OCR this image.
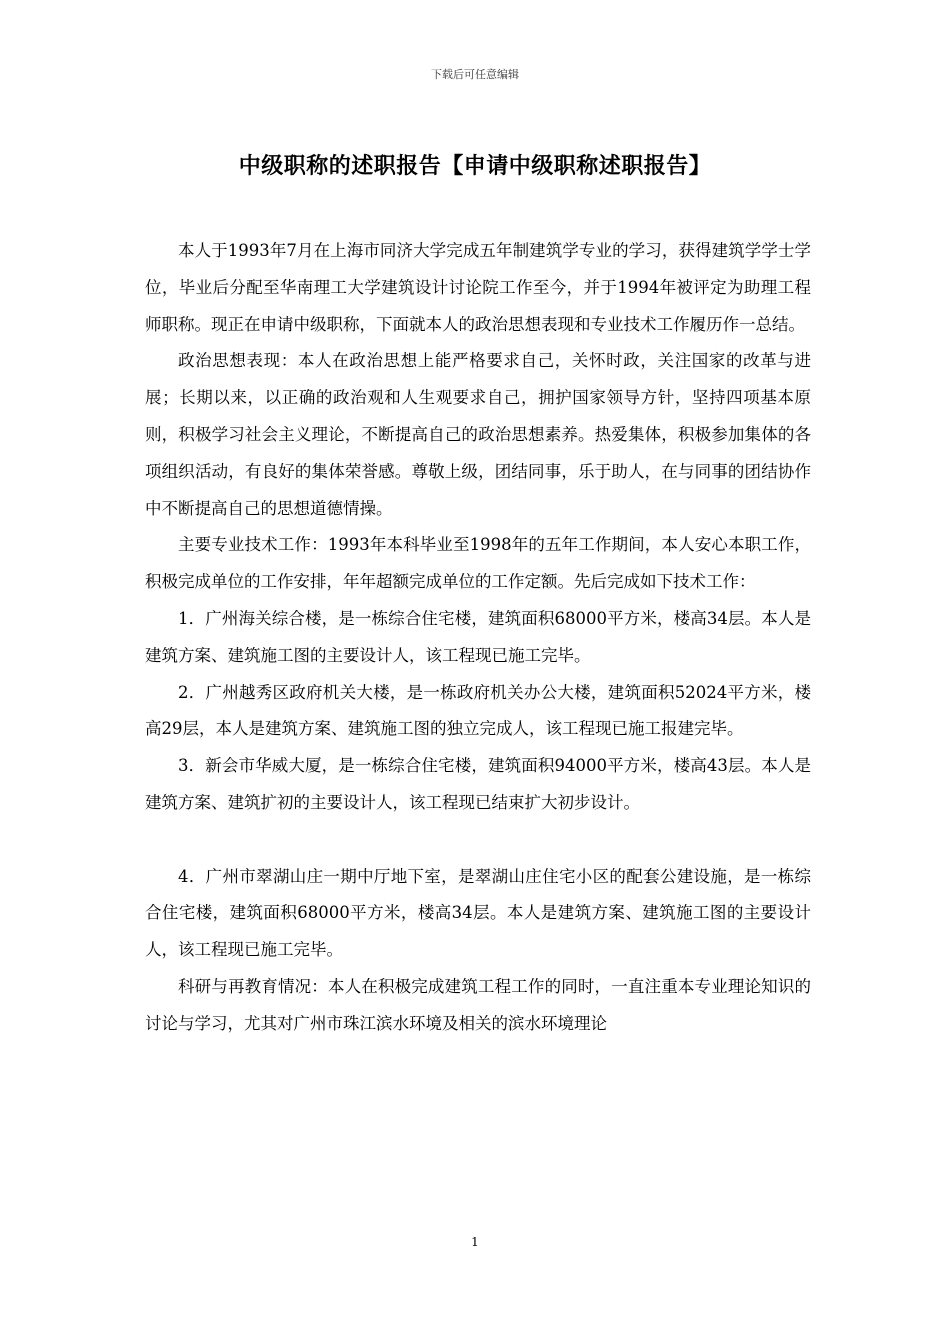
下载后可任意编辑
中级职称的述职报告【申请中级职称述职报告】

本人于1993年7月在上海市同济大学完成五年制建筑学专业的学习，获得建筑学学士学位，毕业后分配至华南理工大学建筑设计讨论院工作至今，并于1994年被评定为助理工程师职称。现正在申请中级职称，下面就本人的政治思想表现和专业技术工作履历作一总结。

政治思想表现：本人在政治思想上能严格要求自己，关怀时政，关注国家的改革与进展；长期以来，以正确的政治观和人生观要求自己，拥护国家领导方针，坚持四项基本原则，积极学习社会主义理论，不断提高自己的政治思想素养。热爱集体，积极参加集体的各项组织活动，有良好的集体荣誉感。尊敬上级，团结同事，乐于助人，在与同事的团结协作中不断提高自己的思想道德情操。

主要专业技术工作：1993年本科毕业至1998年的五年工作期间，本人安心本职工作，积极完成单位的工作安排，年年超额完成单位的工作定额。先后完成如下技术工作：

1．广州海关综合楼，是一栋综合住宅楼，建筑面积68000平方米，楼高34层。本人是建筑方案、建筑施工图的主要设计人，该工程现已施工完毕。

2．广州越秀区政府机关大楼，是一栋政府机关办公大楼，建筑面积52024平方米，楼高29层，本人是建筑方案、建筑施工图的独立完成人，该工程现已施工报建完毕。

3．新会市华威大厦，是一栋综合住宅楼，建筑面积94000平方米，楼高43层。本人是建筑方案、建筑扩初的主要设计人，该工程现已结束扩大初步设计。

4．广州市翠湖山庄一期中厅地下室，是翠湖山庄住宅小区的配套公建设施，是一栋综合住宅楼，建筑面积68000平方米，楼高34层。本人是建筑方案、建筑施工图的主要设计人，该工程现已施工完毕。

科研与再教育情况：本人在积极完成建筑工程工作的同时，一直注重本专业理论知识的讨论与学习，尤其对广州市珠江滨水环境及相关的滨水环境理论

1
